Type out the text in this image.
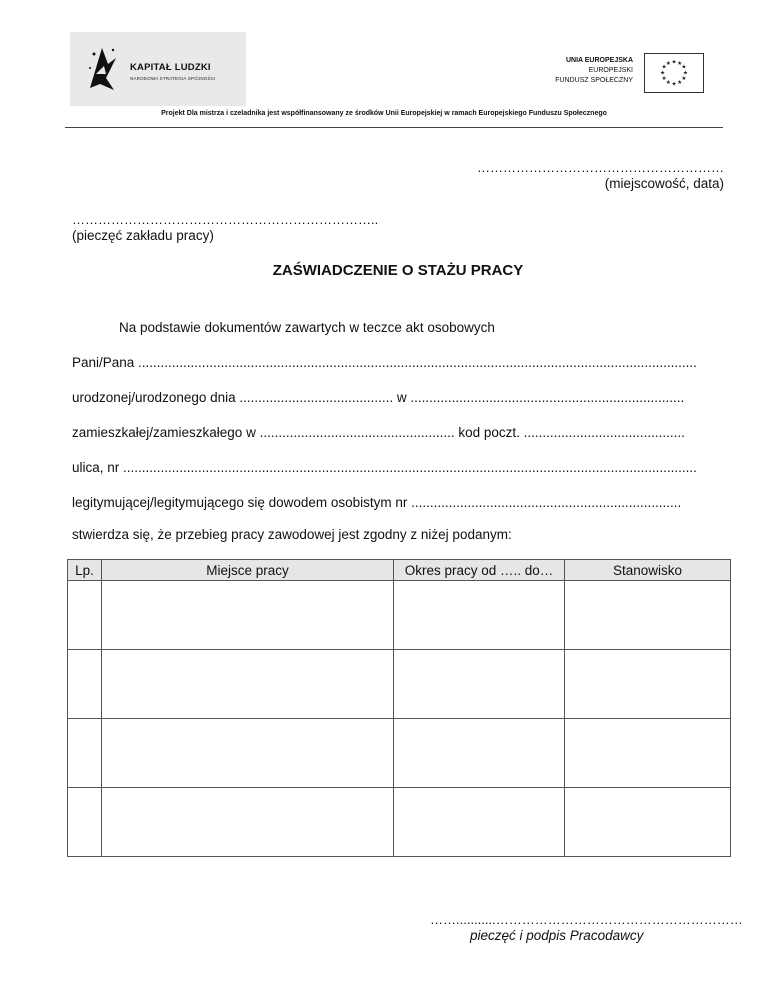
KAPITAŁ LUDZKI
NARODOWA STRATEGIA SPÓJNOŚCI
UNIA EUROPEJSKA
EUROPEJSKI
FUNDUSZ SPOŁECZNY
★ ★
★
★
★
★
★
★
★
★
★
★
Projekt Dla mistrza i czeladnika jest współfinansowany ze środków Unii Europejskiej w ramach Europejskiego Funduszu Społecznego
…………………………………………………
(miejscowość, data)
……………………………………………………………..
(pieczęć zakładu pracy)
ZAŚWIADCZENIE O STAŻU PRACY
Na podstawie dokumentów zawartych w teczce akt osobowych
Pani/Pana .....................................................................................................................................................
urodzonej/urodzonego dnia ......................................... w .........................................................................
zamieszkałej/zamieszkałego w .................................................... kod poczt. ...........................................
ulica, nr .........................................................................................................................................................
legitymującej/legitymującego się dowodem osobistym nr ........................................................................
stwierdza się, że przebieg pracy zawodowej jest zgodny z niżej podanym:
Lp.	Miejsce pracy	Okres pracy od ….. do…	Stanowisko

……...........…………………………………………………
pieczęć i podpis Pracodawcy
